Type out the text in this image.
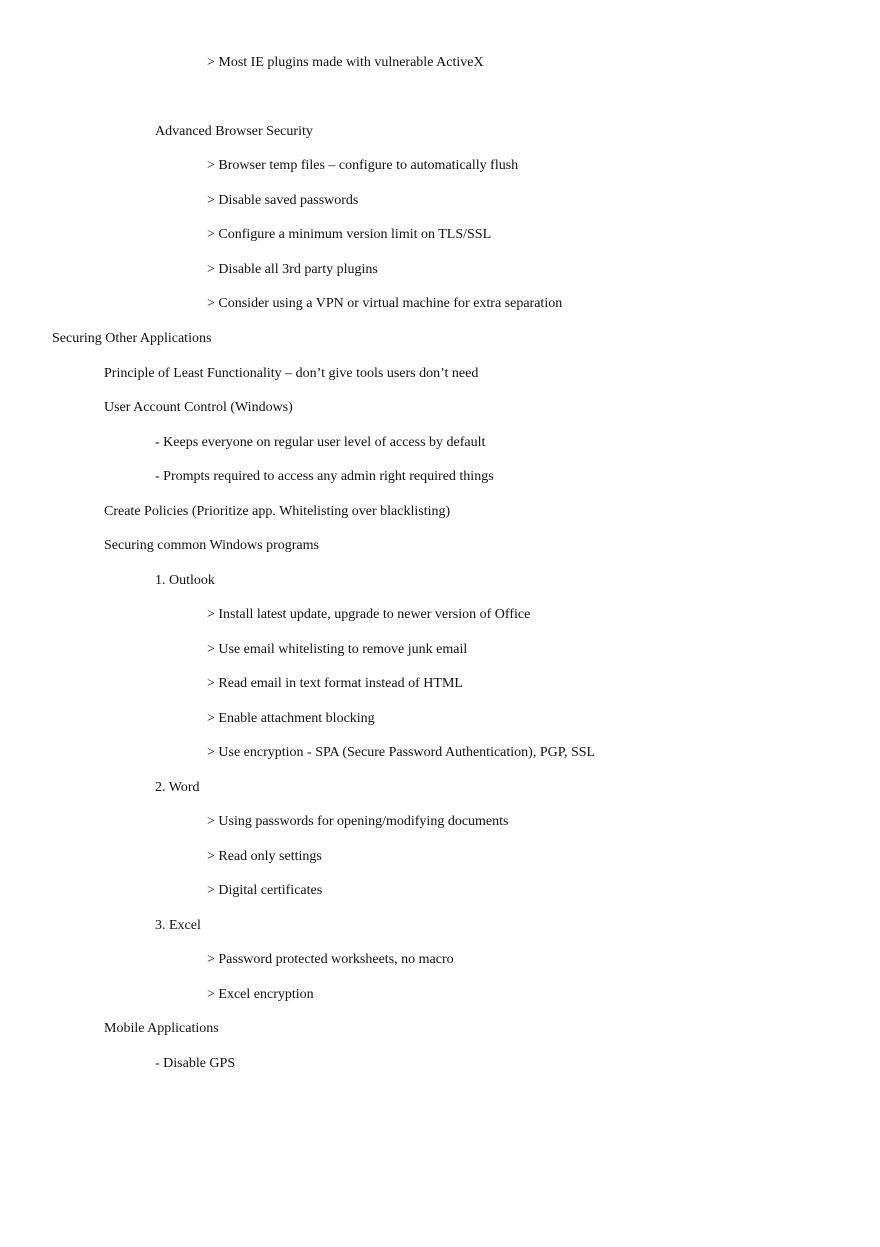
> Most IE plugins made with vulnerable ActiveX
Advanced Browser Security
> Browser temp files – configure to automatically flush
> Disable saved passwords
> Configure a minimum version limit on TLS/SSL
> Disable all 3rd party plugins
> Consider using a VPN or virtual machine for extra separation
Securing Other Applications
Principle of Least Functionality – don’t give tools users don’t need
User Account Control (Windows)
- Keeps everyone on regular user level of access by default
- Prompts required to access any admin right required things
Create Policies (Prioritize app. Whitelisting over blacklisting)
Securing common Windows programs
1. Outlook
> Install latest update, upgrade to newer version of Office
> Use email whitelisting to remove junk email
> Read email in text format instead of HTML
> Enable attachment blocking
> Use encryption - SPA (Secure Password Authentication), PGP, SSL
2. Word
> Using passwords for opening/modifying documents
> Read only settings
> Digital certificates
3. Excel
> Password protected worksheets, no macro
> Excel encryption
Mobile Applications
- Disable GPS
